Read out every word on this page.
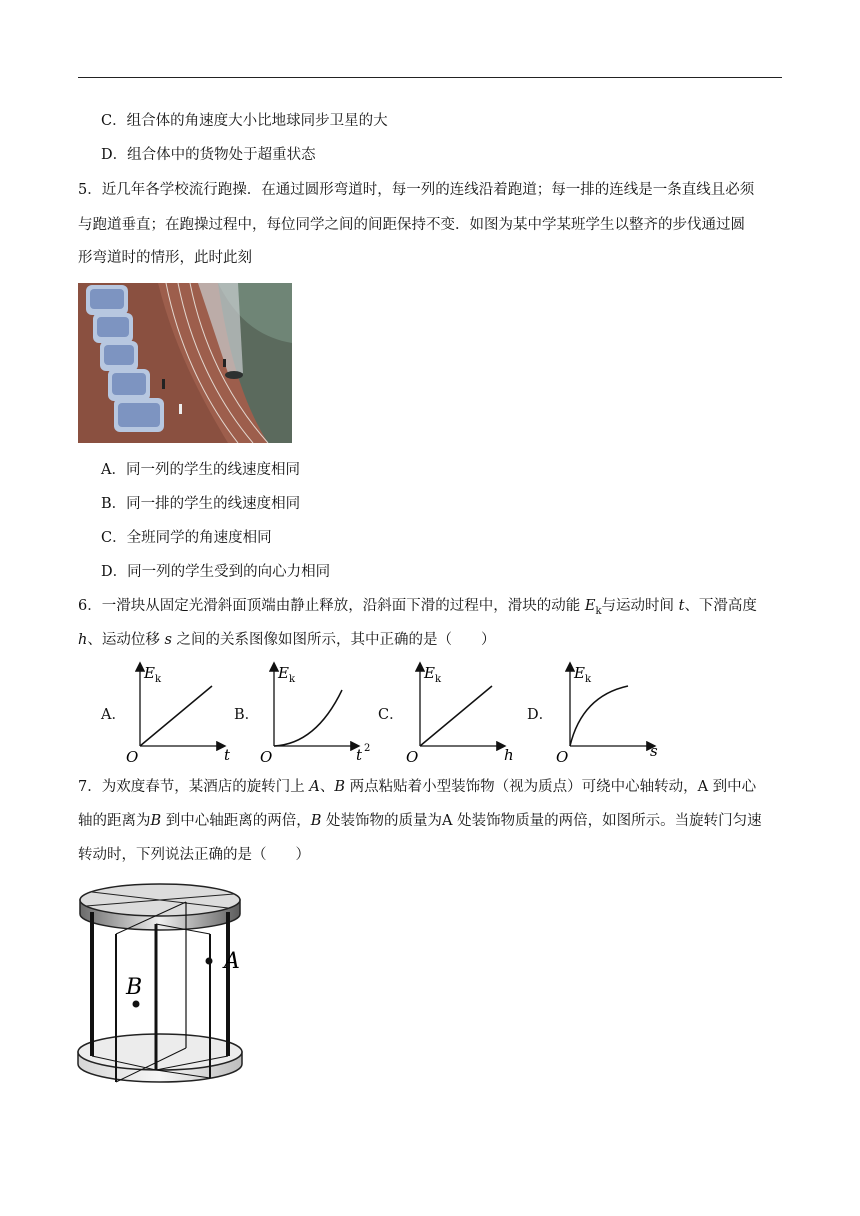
C．组合体的角速度大小比地球同步卫星的大
D．组合体中的货物处于超重状态
5．近几年各学校流行跑操．在通过圆形弯道时，每一列的连线沿着跑道；每一排的连线是一条直线且必须
与跑道垂直；在跑操过程中，每位同学之间的间距保持不变．如图为某中学某班学生以整齐的步伐通过圆
形弯道时的情形，此时此刻
A．同一列的学生的线速度相同
B．同一排的学生的线速度相同
C．全班同学的角速度相同
D．同一列的学生受到的向心力相同
6．一滑块从固定光滑斜面顶端由静止释放，沿斜面下滑的过程中，滑块的动能 $E_k$与运动时间 t、下滑高度
h、运动位移 s 之间的关系图像如图所示，其中正确的是（　　）
A．
E k
O	t
B．
E k
O	t 2
C．
E k
O	h
D．
E k
O	s
7．为欢度春节，某酒店的旋转门上 A、B 两点粘贴着小型装饰物（视为质点）可绕中心轴转动，A 到中心
轴的距离为B 到中心轴距离的两倍，B 处装饰物的质量为A 处装饰物质量的两倍，如图所示。当旋转门匀速
转动时，下列说法正确的是（　　）
A
B
